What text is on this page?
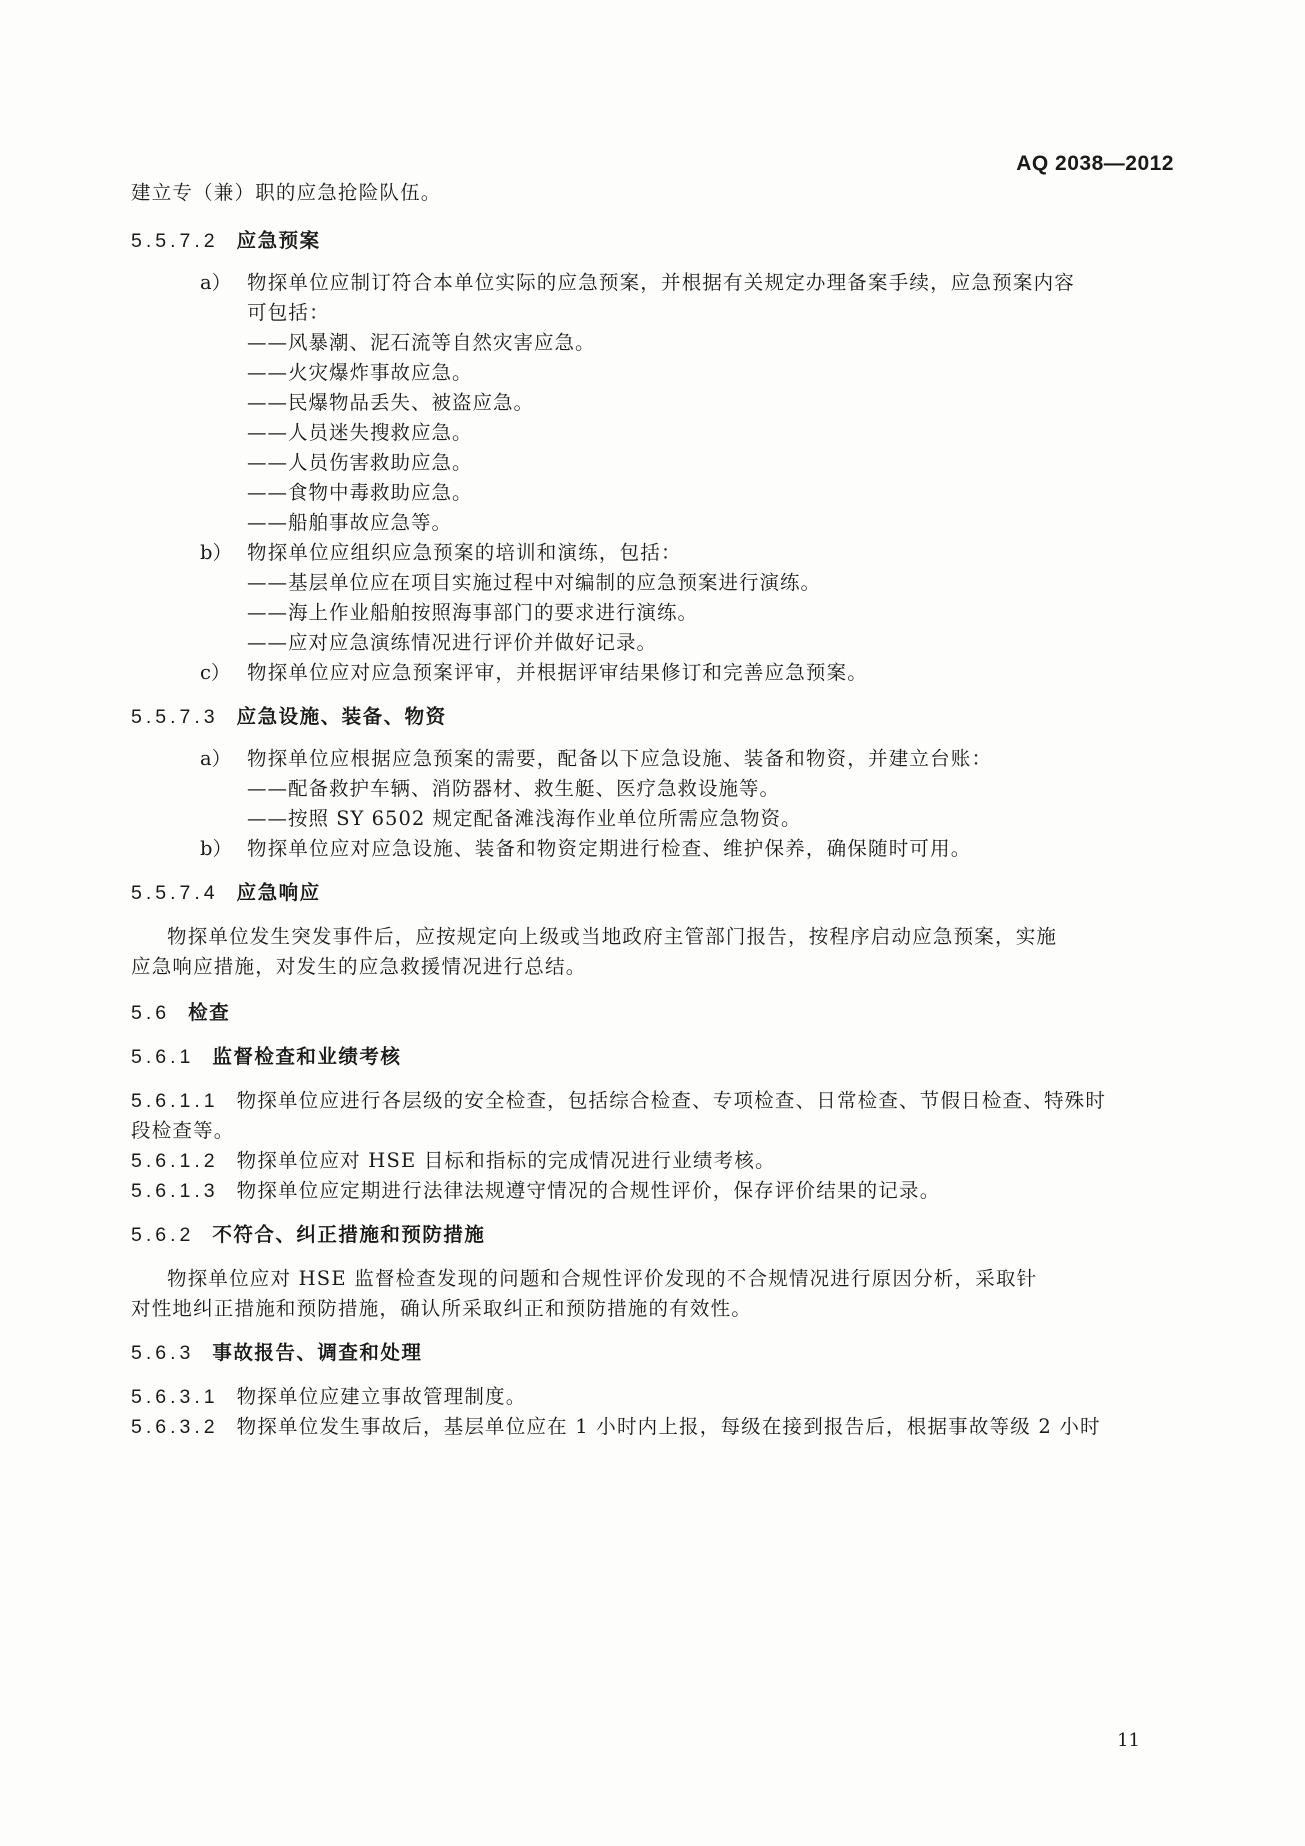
AQ 2038—2012
建立专（兼）职的应急抢险队伍。
5.5.7.2 应急预案
a） 物探单位应制订符合本单位实际的应急预案，并根据有关规定办理备案手续，应急预案内容
可包括：
——风暴潮、泥石流等自然灾害应急。
——火灾爆炸事故应急。
——民爆物品丢失、被盗应急。
——人员迷失搜救应急。
——人员伤害救助应急。
——食物中毒救助应急。
——船舶事故应急等。
b） 物探单位应组织应急预案的培训和演练，包括：
——基层单位应在项目实施过程中对编制的应急预案进行演练。
——海上作业船舶按照海事部门的要求进行演练。
——应对应急演练情况进行评价并做好记录。
c） 物探单位应对应急预案评审，并根据评审结果修订和完善应急预案。
5.5.7.3 应急设施、装备、物资
a） 物探单位应根据应急预案的需要，配备以下应急设施、装备和物资，并建立台账：
——配备救护车辆、消防器材、救生艇、医疗急救设施等。
——按照 SY 6502 规定配备滩浅海作业单位所需应急物资。
b） 物探单位应对应急设施、装备和物资定期进行检查、维护保养，确保随时可用。
5.5.7.4 应急响应
物探单位发生突发事件后，应按规定向上级或当地政府主管部门报告，按程序启动应急预案，实施
应急响应措施，对发生的应急救援情况进行总结。
5.6 检查
5.6.1 监督检查和业绩考核
5.6.1.1 物探单位应进行各层级的安全检查，包括综合检查、专项检查、日常检查、节假日检查、特殊时
段检查等。
5.6.1.2 物探单位应对 HSE 目标和指标的完成情况进行业绩考核。
5.6.1.3 物探单位应定期进行法律法规遵守情况的合规性评价，保存评价结果的记录。
5.6.2 不符合、纠正措施和预防措施
物探单位应对 HSE 监督检查发现的问题和合规性评价发现的不合规情况进行原因分析，采取针
对性地纠正措施和预防措施，确认所采取纠正和预防措施的有效性。
5.6.3 事故报告、调查和处理
5.6.3.1 物探单位应建立事故管理制度。
5.6.3.2 物探单位发生事故后，基层单位应在 1 小时内上报，每级在接到报告后，根据事故等级 2 小时
11
